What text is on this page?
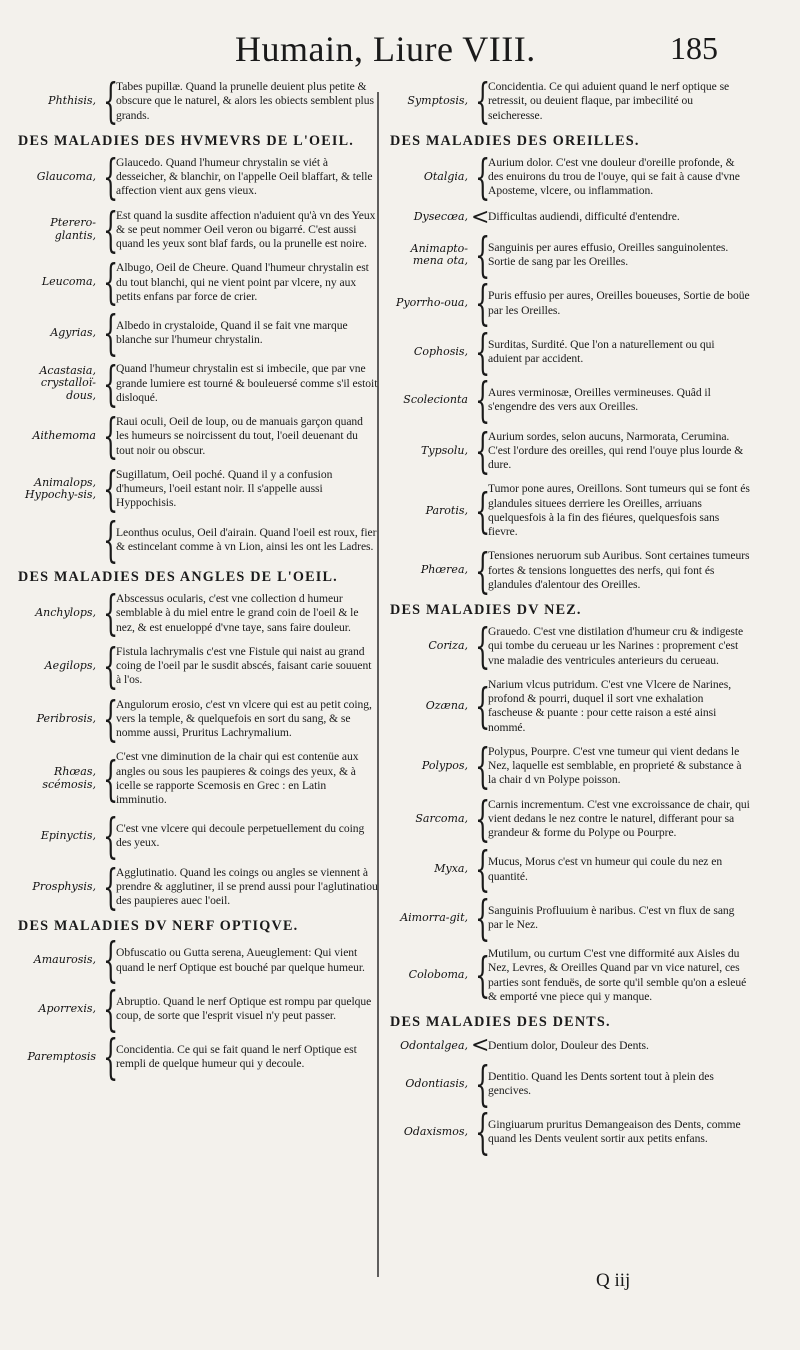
Humain, Liure VIII.	185
Phthisis, {
Tabes pupillæ. Quand la prunelle deuient plus petite & obscure que le naturel, & alors les obiects semblent plus grands.
DES MALADIES DES HVMEVRS DE L'OEIL.
Glaucoma, {
Glaucedo. Quand l'humeur chrystalin se viét à desseicher, & blanchir, on l'appelle Oeil blaffart, & telle affection vient aux gens vieux.
Pterero-glantis, {
Est quand la susdite affection n'aduient qu'à vn des Yeux & se peut nommer Oeil veron ou bigarré. C'est aussi quand les yeux sont blaf fards, ou la prunelle est noire.
Leucoma, {
Albugo, Oeil de Cheure. Quand l'humeur chrystalin est du tout blanchi, qui ne vient point par vlcere, ny aux petits enfans par force de crier.
Agyrias, {
Albedo in crystaloide, Quand il se fait vne marque blanche sur l'humeur chrystalin.
Acastasia, crystalloï-dous, {
Quand l'humeur chrystalin est si imbecile, que par vne grande lumiere est tourné & bouleuersé comme s'il estoit disloqué.
Aithemoma {
Raui oculi, Oeil de loup, ou de manuais garçon quand les humeurs se noircissent du tout, l'oeil deuenant du tout noir ou obscur.
Animalops, Hypochy-sis, {
Sugillatum, Oeil poché. Quand il y a confusion d'humeurs, l'oeil estant noir. Il s'appelle aussi Hyppochisis.
{
Leonthus oculus, Oeil d'airain. Quand l'oeil est roux, fier & estincelant comme à vn Lion, ainsi les ont les Ladres.
DES MALADIES DES ANGLES DE L'OEIL.
Anchylops, {
Abscessus ocularis, c'est vne collection d humeur semblable à du miel entre le grand coin de l'oeil & le nez, & est enueloppé d'vne taye, sans faire douleur.
Aegilops, {
Fistula lachrymalis c'est vne Fistule qui naist au grand coing de l'oeil par le susdit abscés, faisant carie souuent à l'os.
Peribrosis, {
Angulorum erosio, c'est vn vlcere qui est au petit coing, vers la temple, & quelquefois en sort du sang, & se nomme aussi, Pruritus Lachrymalium.
Rhœas, scémosis, {
C'est vne diminution de la chair qui est contenüe aux angles ou sous les paupieres & coings des yeux, & à icelle se rapporte Scemosis en Grec : en Latin imminutio.
Epinyctis, {
C'est vne vlcere qui decoule perpetuellement du coing des yeux.
Prosphysis, {
Agglutinatio. Quand les coings ou angles se viennent à prendre & agglutiner, il se prend aussi pour l'aglutinatiou des paupieres auec l'oeil.
DES MALADIES DV NERF OPTIQVE.
Amaurosis, {
Obfuscatio ou Gutta serena, Aueuglement: Qui vient quand le nerf Optique est bouché par quelque humeur.
Aporrexis, {
Abruptio. Quand le nerf Optique est rompu par quelque coup, de sorte que l'esprit visuel n'y peut passer.
Paremptosis {
Concidentia. Ce qui se fait quand le nerf Optique est rempli de quelque humeur qui y decoule.
Symptosis, {
Concidentia. Ce qui aduient quand le nerf optique se retressit, ou deuient flaque, par imbecilité ou seicheresse.
DES MALADIES DES OREILLES.
Otalgia, {
Aurium dolor. C'est vne douleur d'oreille profonde, & des enuirons du trou de l'ouye, qui se fait à cause d'vne Aposteme, vlcere, ou inflammation.
Dysecœa, <
Difficultas audiendi, difficulté d'entendre.
Animapto-mena ota, {
Sanguinis per aures effusio, Oreilles sanguinolentes. Sortie de sang par les Oreilles.
Pyorrho-oua, {
Puris effusio per aures, Oreilles boueuses, Sortie de boüe par les Oreilles.
Cophosis, {
Surditas, Surdité. Que l'on a naturellement ou qui aduient par accident.
Scolecionta {
Aures verminosæ, Oreilles vermineuses. Quâd il s'engendre des vers aux Oreilles.
Typsolu, {
Aurium sordes, selon aucuns, Narmorata, Cerumina. C'est l'ordure des oreilles, qui rend l'ouye plus lourde & dure.
Parotis, {
Tumor pone aures, Oreillons. Sont tumeurs qui se font és glandules situees derriere les Oreilles, arriuans quelquesfois à la fin des fiéures, quelquesfois sans fievre.
Phœrea, {
Tensiones neruorum sub Auribus. Sont certaines tumeurs fortes & tensions longuettes des nerfs, qui font és glandules d'alentour des Oreilles.
DES MALADIES DV NEZ.
Coriza, {
Grauedo. C'est vne distilation d'humeur cru & indigeste qui tombe du cerueau ur les Narines : proprement c'est vne maladie des ventricules anterieurs du cerueau.
Ozæna, {
Narium vlcus putridum. C'est vne Vlcere de Narines, profond & pourri, duquel il sort vne exhalation fascheuse & puante : pour cette raison a esté ainsi nommé.
Polypos, {
Polypus, Pourpre. C'est vne tumeur qui vient dedans le Nez, laquelle est semblable, en proprieté & substance à la chair d vn Polype poisson.
Sarcoma, {
Carnis incrementum. C'est vne excroissance de chair, qui vient dedans le nez contre le naturel, differant pour sa grandeur & forme du Polype ou Pourpre.
Myxa, {
Mucus, Morus c'est vn humeur qui coule du nez en quantité.
Aimorra-git, {
Sanguinis Profluuium è naribus. C'est vn flux de sang par le Nez.
Coloboma, {
Mutilum, ou curtum C'est vne difformité aux Aisles du Nez, Levres, & Oreilles Quand par vn vice naturel, ces parties sont fenduës, de sorte qu'il semble qu'on a esleué & emporté vne piece qui y manque.
DES MALADIES DES DENTS.
Odontalgea, <
Dentium dolor, Douleur des Dents.
Odontiasis, {
Dentitio. Quand les Dents sortent tout à plein des gencives.
Odaxismos, {
Gingiuarum pruritus Demangeaison des Dents, comme quand les Dents veulent sortir aux petits enfans.
Q iij
